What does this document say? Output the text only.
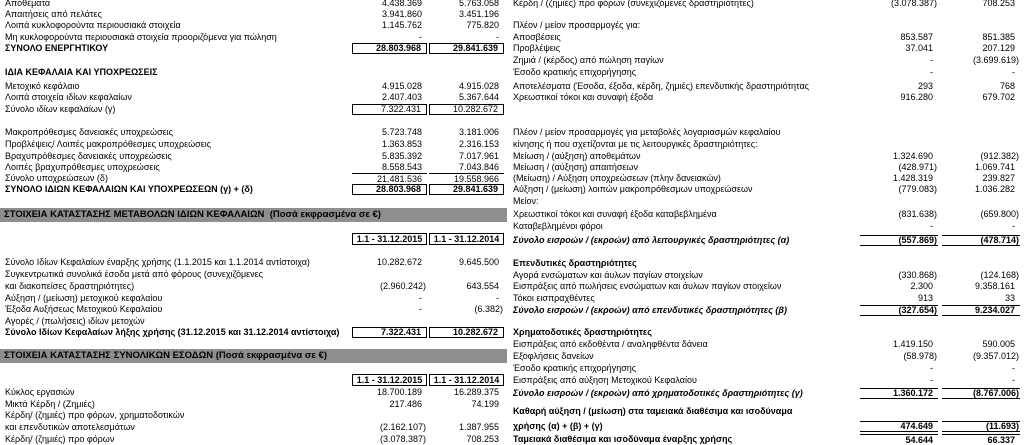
Αποθέματα	4.438.369	5.763.058
Απαιτήσεις από πελάτες	3.941.860	3.451.196
Λοιπά κυκλοφορούντα περιουσιακά στοιχεία	1.145.762	775.820
Μη κυκλοφορούντα περιουσιακά στοιχεία προοριζόμενα για πώληση	-	-
ΣΥΝΟΛΟ ΕΝΕΡΓΗΤΙΚΟΥ	28.803.968	29.841.639
ΙΔΙΑ ΚΕΦΑΛΑΙΑ ΚΑΙ ΥΠΟΧΡΕΩΣΕΙΣ
Μετοχικό κεφάλαιο	4.915.028	4.915.028
Λοιπά στοιχεία ιδίων κεφαλαίων	2.407.403	5.367.644
Σύνολο ιδίων κεφαλαίων (γ)	7.322.431	10.282.672
Μακροπρόθεσμες δανειακές υποχρεώσεις	5.723.748	3.181.006
Προβλέψεις/ Λοιπές μακροπρόθεσμες υποχρεώσεις	1.363.853	2.316.153
Βραχυπρόθεσμες δανειακές υποχρεώσεις	5.835.392	7.017.961
Λοιπές βραχυπρόθεσμες υποχρεώσεις	8.558.543	7.043.846
Σύνολο υποχρεώσεων (δ)	21.481.536	19.558.966
ΣΥΝΟΛΟ ΙΔΙΩΝ ΚΕΦΑΛΑΙΩΝ ΚΑΙ ΥΠΟΧΡΕΩΣΕΩΝ (γ) + (δ)	28.803.968	29.841.639
ΣΤΟΙΧΕΙΑ ΚΑΤΑΣΤΑΣΗΣ ΜΕΤΑΒΟΛΩΝ ΙΔΙΩΝ ΚΕΦΑΛΑΙΩΝ  (Ποσά εκφρασμένα σε €)
1.1 - 31.12.2015	1.1 - 31.12.2014
Σύνολο Ιδίων Κεφαλαίων έναρξης χρήσης (1.1.2015 και 1.1.2014 αντίστοιχα)	10.282.672	9.645.500
Συγκεντρωτικά συνολικά έσοδα μετά από φόρους (συνεχιζόμενες
και διακοπείσες δραστηριότητες)	(2.960.242)	643.554
Αύξηση / (μείωση) μετοχικού κεφαλαίου	-	-
Έξοδα Αυξήσεως Μετοχικού Κεφαλαίου	-	(6.382)
Αγορές / (πωλήσεις) ιδίων μετοχών
Σύνολο Ιδίων Κεφαλαίων λήξης χρήσης (31.12.2015 και 31.12.2014 αντίστοιχα)	7.322.431	10.282.672
ΣΤΟΙΧΕΙΑ ΚΑΤΑΣΤΑΣΗΣ ΣΥΝΟΛΙΚΩΝ ΕΣΟΔΩΝ (Ποσά εκφρασμένα σε €)
1.1 - 31.12.2015	1.1 - 31.12.2014
Κύκλος εργασιών	18.700.189	16.289.375
Μικτά Κέρδη / (Ζημιές)	217.486	74.199
Κέρδη/ (ζημιές) προ φόρων, χρηματοδοτικών
και επενδυτικών αποτελεσμάτων	(2.162.107)	1.387.955
Κέρδη/ (ζημιές) προ φόρων	(3.078.387)	708.253
Κέρδη / (ζημιές) προ φόρων (συνεχιζόμενες δραστηριότητες)	(3.078.387)	708.253
Πλέον / μείον προσαρμογές για:
Αποσβέσεις	853.587	851.385
Προβλέψεις	37.041	207.129
Ζημιά / (κέρδος) από πώληση παγίων	-	(3.699.619)
Έσοδο κρατικής επιχορήγησης	-	-
Αποτελέσματα (Έσοδα, έξοδα, κέρδη, ζημιές) επενδυτικής δραστηριότητας	293	768
Χρεωστικοί τόκοι και συναφή έξοδα	916.280	679.702
Πλέον / μείον προσαρμογές για μεταβολές λογαριασμών κεφαλαίου
κίνησης ή που σχετίζονται με τις λειτουργικές δραστηριότητες:
Μείωση / (αύξηση) αποθεμάτων	1.324.690	(912.382)
Μείωση / (αύξηση) απαιτήσεων	(428.971)	1.069.741
(Μείωση) / Αύξηση υποχρεώσεων (πλην δανειακών)	1.428.319	239.827
Αύξηση / (μείωση) λοιπών μακροπρόθεσμων υποχρεώσεων	(779.083)	1.036.282
Μείον:
Χρεωστικοί τόκοι και συναφή έξοδα καταβεβλημένα	(831.638)	(659.800)
Καταβεβλημένοι φόροι	-	-
Σύνολο εισροών / (εκροών) από λειτουργικές δραστηριότητες (α)	(557.869)	(478.714)
Επενδυτικές δραστηριότητες
Αγορά ενσώματων και άυλων παγίων στοιχείων	(330.868)	(124.168)
Εισπράξεις από πωλήσεις ενσώματων και άυλων παγίων στοιχείων	2.300	9.358.161
Τόκοι εισπραχθέντες	913	33
Σύνολο εισροών / (εκροών) από επενδυτικές δραστηριότητες (β)	(327.654)	9.234.027
Χρηματοδοτικές δραστηριότητες
Εισπράξεις από εκδοθέντα / αναληφθέντα δάνεια	1.419.150	590.005
Εξοφλήσεις δανείων	(58.978)	(9.357.012)
Έσοδο κρατικής επιχορήγησης	-	-
Εισπράξεις από αύξηση Μετοχικού Κεφαλαίου	-	-
Σύνολο εισροών / (εκροών) από χρηματοδοτικές δραστηριότητες (γ)	1.360.172	(8.767.006)
Καθαρή αύξηση / (μείωση) στα ταμειακά διαθέσιμα και ισοδύναμα
χρήσης (α) + (β) + (γ)	474.649	(11.693)
Ταμειακά διαθέσιμα και ισοδύναμα έναρξης χρήσης	54.644	66.337
